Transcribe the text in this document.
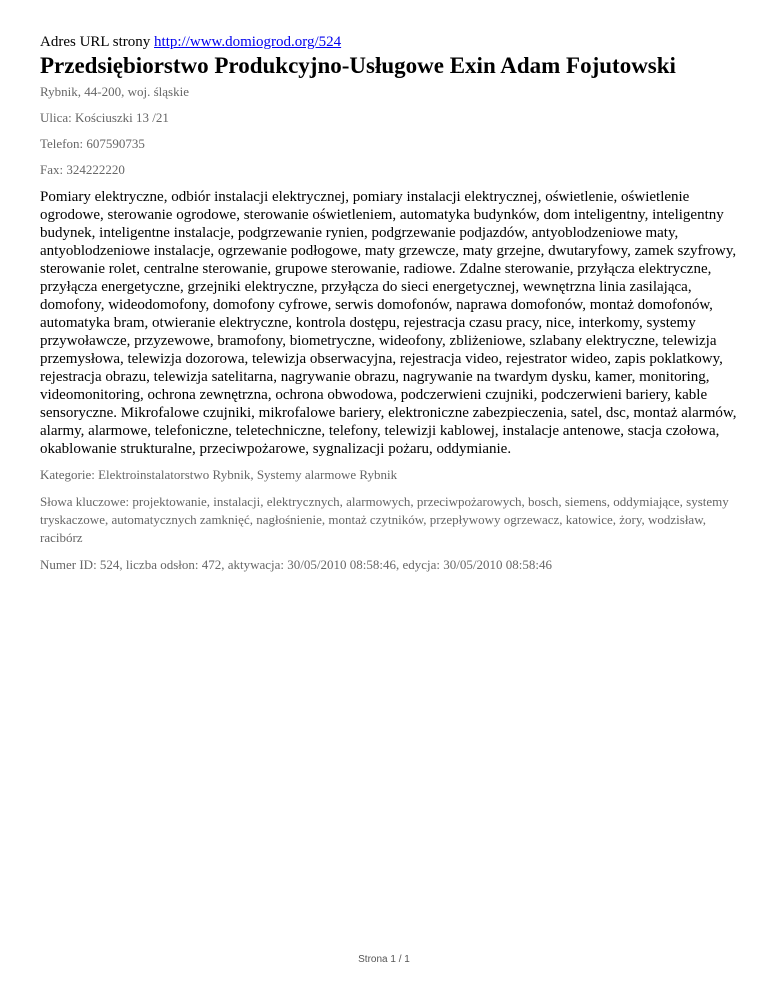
Adres URL strony http://www.domiogrod.org/524

Przedsiębiorstwo Produkcyjno-Usługowe Exin Adam Fojutowski

Rybnik, 44-200, woj. śląskie

Ulica: Kościuszki 13 /21

Telefon: 607590735

Fax: 324222220

Pomiary elektryczne, odbiór instalacji elektrycznej, pomiary instalacji elektrycznej, oświetlenie, oświetlenie ogrodowe, sterowanie ogrodowe, sterowanie oświetleniem, automatyka budynków, dom inteligentny, inteligentny budynek, inteligentne instalacje, podgrzewanie rynien, podgrzewanie podjazdów, antyoblodzeniowe maty, antyoblodzeniowe instalacje, ogrzewanie podłogowe, maty grzewcze, maty grzejne, dwutaryfowy, zamek szyfrowy, sterowanie rolet, centralne sterowanie, grupowe sterowanie, radiowe. Zdalne sterowanie, przyłącza elektryczne, przyłącza energetyczne, grzejniki elektryczne, przyłącza do sieci energetycznej, wewnętrzna linia zasilająca, domofony, wideodomofony, domofony cyfrowe, serwis domofonów, naprawa domofonów, montaż domofonów, automatyka bram, otwieranie elektryczne, kontrola dostępu, rejestracja czasu pracy, nice, interkomy, systemy przywoławcze, przyzewowe, bramofony, biometryczne, wideofony, zbliżeniowe, szlabany elektryczne, telewizja przemysłowa, telewizja dozorowa, telewizja obserwacyjna, rejestracja video, rejestrator wideo, zapis poklatkowy, rejestracja obrazu, telewizja satelitarna, nagrywanie obrazu, nagrywanie na twardym dysku, kamer, monitoring, videomonitoring, ochrona zewnętrzna, ochrona obwodowa, podczerwieni czujniki, podczerwieni bariery, kable sensoryczne. Mikrofalowe czujniki, mikrofalowe bariery, elektroniczne zabezpieczenia, satel, dsc, montaż alarmów, alarmy, alarmowe, telefoniczne, teletechniczne, telefony, telewizji kablowej, instalacje antenowe, stacja czołowa, okablowanie strukturalne, przeciwpożarowe, sygnalizacji pożaru, oddymianie.

Kategorie: Elektroinstalatorstwo Rybnik, Systemy alarmowe Rybnik

Słowa kluczowe: projektowanie, instalacji, elektrycznych, alarmowych, przeciwpożarowych, bosch, siemens, oddymiające, systemy tryskaczowe, automatycznych zamknięć, nagłośnienie, montaż czytników, przepływowy ogrzewacz, katowice, żory, wodzisław, racibórz

Numer ID: 524, liczba odsłon: 472, aktywacja: 30/05/2010 08:58:46, edycja: 30/05/2010 08:58:46

Strona 1 / 1
